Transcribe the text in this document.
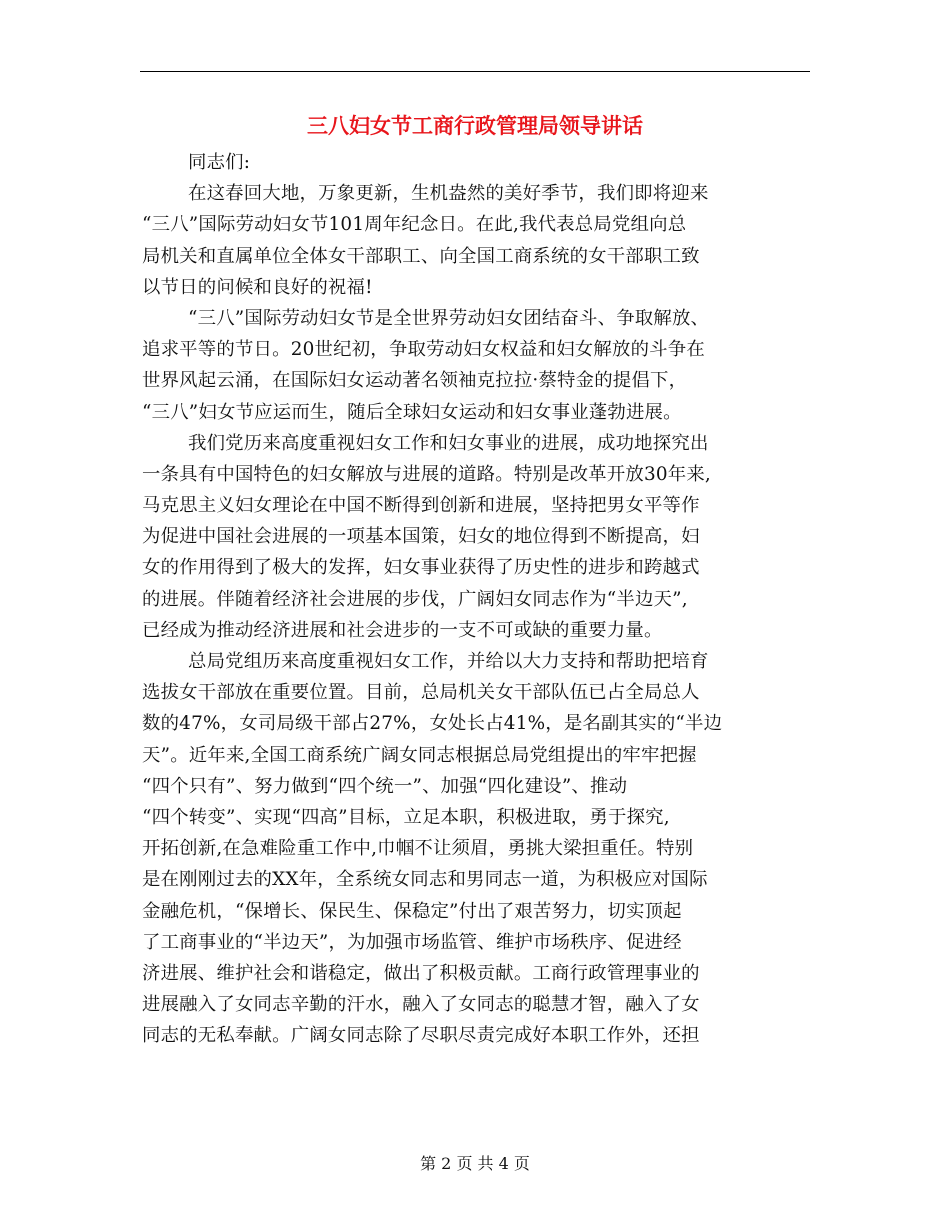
三八妇女节工商行政管理局领导讲话
同志们:
在这春回大地，万象更新，生机盎然的美好季节，我们即将迎来
“三八”国际劳动妇女节101周年纪念日。在此,我代表总局党组向总
局机关和直属单位全体女干部职工、向全国工商系统的女干部职工致
以节日的问候和良好的祝福!
“三八”国际劳动妇女节是全世界劳动妇女团结奋斗、争取解放、
追求平等的节日。20世纪初，争取劳动妇女权益和妇女解放的斗争在
世界风起云涌，在国际妇女运动著名领袖克拉拉·蔡特金的提倡下，
“三八”妇女节应运而生，随后全球妇女运动和妇女事业蓬勃进展。
我们党历来高度重视妇女工作和妇女事业的进展，成功地探究出
一条具有中国特色的妇女解放与进展的道路。特别是改革开放30年来,
马克思主义妇女理论在中国不断得到创新和进展，坚持把男女平等作
为促进中国社会进展的一项基本国策，妇女的地位得到不断提高，妇
女的作用得到了极大的发挥，妇女事业获得了历史性的进步和跨越式
的进展。伴随着经济社会进展的步伐，广阔妇女同志作为“半边天”,
已经成为推动经济进展和社会进步的一支不可或缺的重要力量。
总局党组历来高度重视妇女工作，并给以大力支持和帮助把培育
选拔女干部放在重要位置。目前，总局机关女干部队伍已占全局总人
数的47%，女司局级干部占27%，女处长占41%，是名副其实的“半边
天”。近年来,全国工商系统广阔女同志根据总局党组提出的牢牢把握
“四个只有”、努力做到“四个统一”、加强“四化建设”、推动
“四个转变”、实现“四高”目标，立足本职，积极进取，勇于探究,
开拓创新,在急难险重工作中,巾帼不让须眉，勇挑大梁担重任。特别
是在刚刚过去的XX年，全系统女同志和男同志一道，为积极应对国际
金融危机，“保增长、保民生、保稳定”付出了艰苦努力，切实顶起
了工商事业的“半边天”，为加强市场监管、维护市场秩序、促进经
济进展、维护社会和谐稳定，做出了积极贡献。工商行政管理事业的
进展融入了女同志辛勤的汗水，融入了女同志的聪慧才智，融入了女
同志的无私奉献。广阔女同志除了尽职尽责完成好本职工作外，还担
第 2 页 共 4 页
